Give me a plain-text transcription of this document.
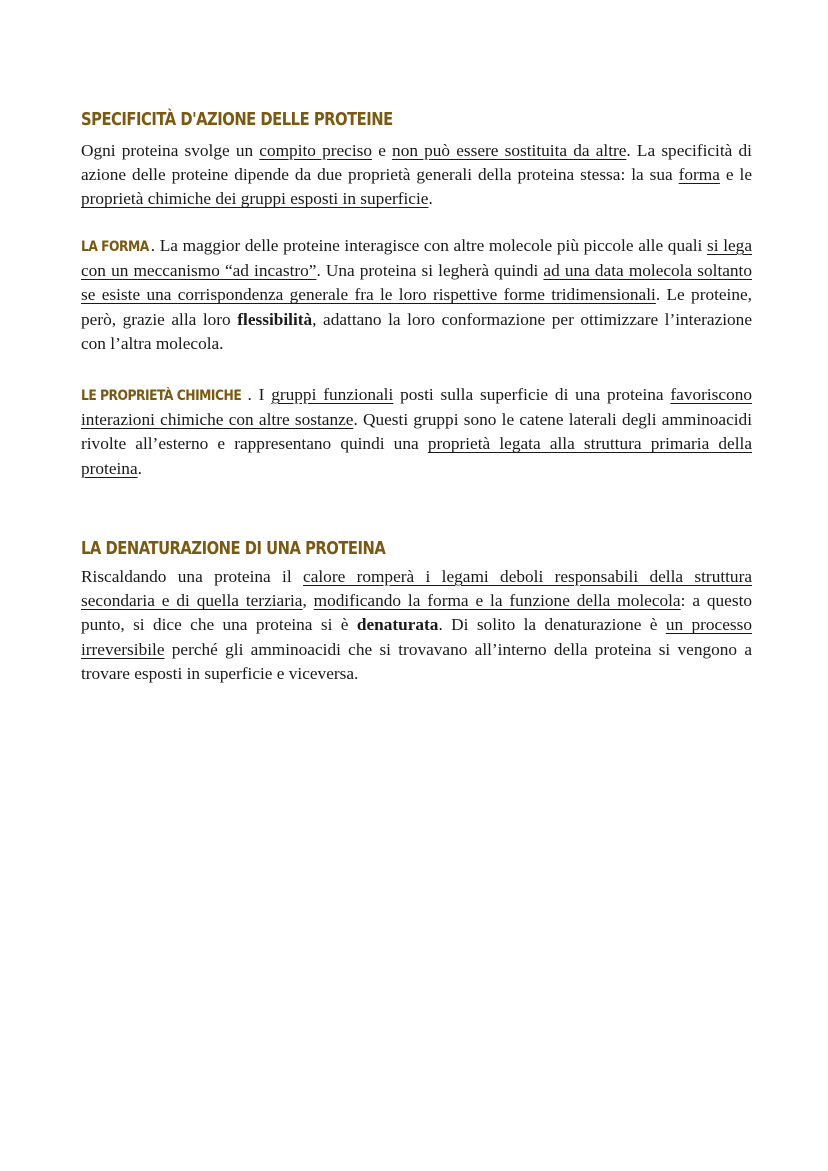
SPECIFICITÀ D'AZIONE DELLE PROTEINE

Ogni proteina svolge un compito preciso e non può essere sostituita da altre. La specificità di azione delle proteine dipende da due proprietà generali della proteina stessa: la sua forma e le proprietà chimiche dei gruppi esposti in superficie.

LA FORMA . La maggior delle proteine interagisce con altre molecole più piccole alle quali si lega con un meccanismo “ad incastro”. Una proteina si legherà quindi ad una data molecola soltanto se esiste una corrispondenza generale fra le loro rispettive forme tridimensionali. Le proteine, però, grazie alla loro flessibilità, adattano la loro conformazione per ottimizzare l’interazione con l’altra molecola.

LE PROPRIETÀ CHIMICHE . I gruppi funzionali posti sulla superficie di una proteina favoriscono interazioni chimiche con altre sostanze. Questi gruppi sono le catene laterali degli amminoacidi rivolte all’esterno e rappresentano quindi una proprietà legata alla struttura primaria della proteina.

LA DENATURAZIONE DI UNA PROTEINA

Riscaldando una proteina il calore romperà i legami deboli responsabili della struttura secondaria e di quella terziaria, modificando la forma e la funzione della molecola: a questo punto, si dice che una proteina si è denaturata. Di solito la denaturazione è un processo irreversibile perché gli amminoacidi che si trovavano all’interno della proteina si vengono a trovare esposti in superficie e viceversa.
